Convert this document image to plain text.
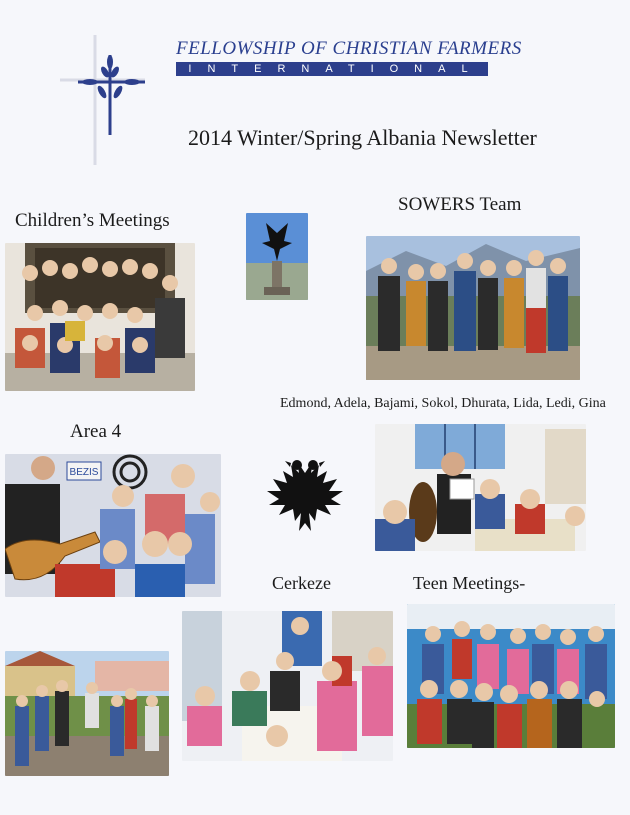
FELLOWSHIP OF CHRISTIAN FARMERS
INTERNATIONAL
2014 Winter/Spring Albania Newsletter
Children’s Meetings
SOWERS Team
Area 4
Cerkeze	Teen Meetings-
Edmond, Adela, Bajami, Sokol, Dhurata, Lida, Ledi, Gina
BEZIS
